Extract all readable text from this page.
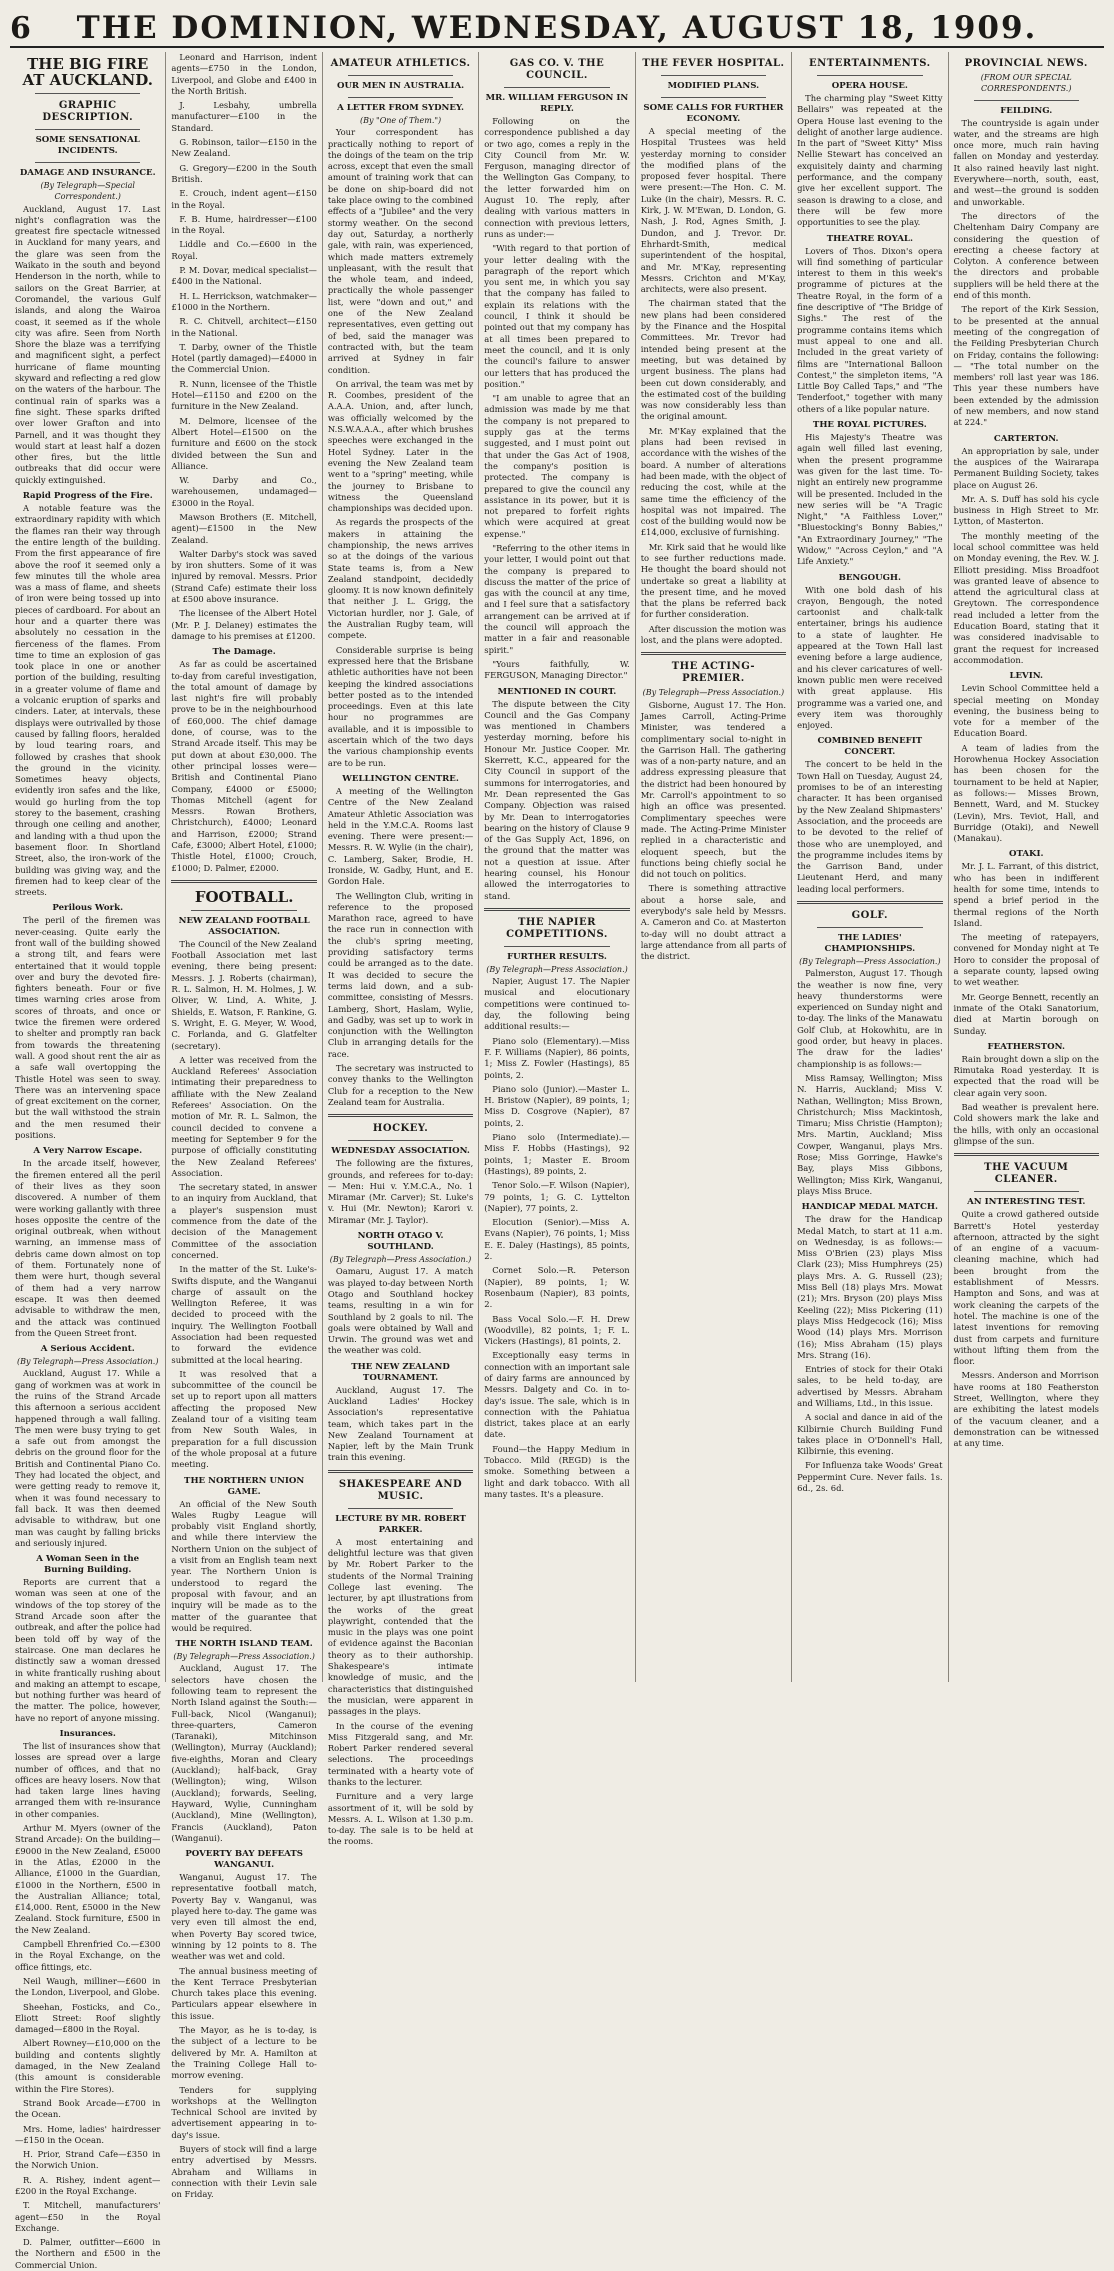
6	THE DOMINION, WEDNESDAY, AUGUST 18, 1909.
THE BIG FIRE AT AUCKLAND.
GRAPHIC DESCRIPTION.
SOME SENSATIONAL INCIDENTS.
DAMAGE AND INSURANCE.
(By Telegraph—Special Correspondent.)

Auckland, August 17. Last night's conflagration was the greatest fire spectacle witnessed in Auckland for many years, and the glare was seen from the Waikato in the south and beyond Henderson in the north, while to sailors on the Great Barrier, at Coromandel, the various Gulf islands, and along the Wairoa coast, it seemed as if the whole city was afire. Seen from North Shore the blaze was a terrifying and magnificent sight, a perfect hurricane of flame mounting skyward and reflecting a red glow on the waters of the harbour. The continual rain of sparks was a fine sight. These sparks drifted over lower Grafton and into Parnell, and it was thought they would start at least half a dozen other fires, but the little outbreaks that did occur were quickly extinguished.

Rapid Progress of the Fire.

A notable feature was the extraordinary rapidity with which the flames ran their way through the entire length of the building. From the first appearance of fire above the roof it seemed only a few minutes till the whole area was a mass of flame, and sheets of iron were being tossed up into pieces of cardboard. For about an hour and a quarter there was absolutely no cessation in the fierceness of the flames. From time to time an explosion of gas took place in one or another portion of the building, resulting in a greater volume of flame and a volcanic eruption of sparks and cinders. Later, at intervals, these displays were outrivalled by those caused by falling floors, heralded by loud tearing roars, and followed by crashes that shook the ground in the vicinity. Sometimes heavy objects, evidently iron safes and the like, would go hurling from the top storey to the basement, crashing through one ceiling and another, and landing with a thud upon the basement floor. In Shortland Street, also, the iron-work of the building was giving way, and the firemen had to keep clear of the streets.

Perilous Work.

The peril of the firemen was never-ceasing. Quite early the front wall of the building showed a strong tilt, and fears were entertained that it would topple over and bury the devoted fire-fighters beneath. Four or five times warning cries arose from scores of throats, and once or twice the firemen were ordered to shelter and promptly ran back from towards the threatening wall. A good shout rent the air as a safe wall overtopping the Thistle Hotel was seen to sway. There was an intervening space of great excitement on the corner, but the wall withstood the strain and the men resumed their positions.

A Very Narrow Escape.

In the arcade itself, however, the firemen entered all the peril of their lives as they soon discovered. A number of them were working gallantly with three hoses opposite the centre of the original outbreak, when without warning, an immense mass of debris came down almost on top of them. Fortunately none of them were hurt, though several of them had a very narrow escape. It was then deemed advisable to withdraw the men, and the attack was continued from the Queen Street front.

A Serious Accident.
(By Telegraph—Press Association.)

Auckland, August 17. While a gang of workmen was at work in the ruins of the Strand Arcade this afternoon a serious accident happened through a wall falling. The men were busy trying to get a safe out from amongst the debris on the ground floor for the British and Continental Piano Co. They had located the object, and were getting ready to remove it, when it was found necessary to fall back. It was then deemed advisable to withdraw, but one man was caught by falling bricks and seriously injured.

A Woman Seen in the Burning Building.

Reports are current that a woman was seen at one of the windows of the top storey of the Strand Arcade soon after the outbreak, and after the police had been told off by way of the staircase. One man declares he distinctly saw a woman dressed in white frantically rushing about and making an attempt to escape, but nothing further was heard of the matter. The police, however, have no report of anyone missing.

Insurances.

The list of insurances show that losses are spread over a large number of offices, and that no offices are heavy losers. Now that had taken large lines having arranged them with re-insurance in other companies.

Arthur M. Myers (owner of the Strand Arcade): On the building—£9000 in the New Zealand, £5000 in the Atlas, £2000 in the Alliance, £1000 in the Guardian, £1000 in the Northern, £500 in the Australian Alliance; total, £14,000. Rent, £5000 in the New Zealand. Stock furniture, £500 in the New Zealand.

Campbell Ehrenfried Co.—£300 in the Royal Exchange, on the office fittings, etc.

Neil Waugh, milliner—£600 in the London, Liverpool, and Globe.

Sheehan, Fosticks, and Co., Eliott Street: Roof slightly damaged—£800 in the Royal.

Albert Rowney—£10,000 on the building and contents slightly damaged, in the New Zealand (this amount is considerable within the Fire Stores).

Strand Book Arcade—£700 in the Ocean.

Mrs. Home, ladies' hairdresser—£150 in the Ocean.

H. Prior, Strand Cafe—£350 in the Norwich Union.

R. A. Rishey, indent agent—£200 in the Royal Exchange.

T. Mitchell, manufacturers' agent—£50 in the Royal Exchange.

D. Palmer, outfitter—£600 in the Northern and £500 in the Commercial Union.

Leonard and Harrison, indent agents—£750 in the London, Liverpool, and Globe and £400 in the North British.

J. Lesbahy, umbrella manufacturer—£100 in the Standard.

G. Robinson, tailor—£150 in the New Zealand.

G. Gregory—£200 in the South British.

E. Crouch, indent agent—£150 in the Royal.

F. B. Hume, hairdresser—£100 in the Royal.

Liddle and Co.—£600 in the Royal.

P. M. Dovar, medical specialist—£400 in the National.

H. L. Herrickson, watchmaker—£1000 in the Northern.

R. C. Chitvell, architect—£150 in the National.

T. Darby, owner of the Thistle Hotel (partly damaged)—£4000 in the Commercial Union.

R. Nunn, licensee of the Thistle Hotel—£1150 and £200 on the furniture in the New Zealand.

M. Delmore, licensee of the Albert Hotel—£1500 on the furniture and £600 on the stock divided between the Sun and Alliance.

W. Darby and Co., warehousemen, undamaged—£3000 in the Royal.

Mawson Brothers (E. Mitchell, agent)—£1500 in the New Zealand.

Walter Darby's stock was saved by iron shutters. Some of it was injured by removal. Messrs. Prior (Strand Cafe) estimate their loss at £500 above insurance.

The licensee of the Albert Hotel (Mr. P. J. Delaney) estimates the damage to his premises at £1200.

The Damage.

As far as could be ascertained to-day from careful investigation, the total amount of damage by last night's fire will probably prove to be in the neighbourhood of £60,000. The chief damage done, of course, was to the Strand Arcade itself. This may be put down at about £30,000. The other principal losses were—British and Continental Piano Company, £4000 or £5000; Thomas Mitchell (agent for Messrs. Rowan Brothers, Christchurch), £4000; Leonard and Harrison, £2000; Strand Cafe, £3000; Albert Hotel, £1000; Thistle Hotel, £1000; Crouch, £1000; D. Palmer, £2000.

FOOTBALL.
NEW ZEALAND FOOTBALL ASSOCIATION.

The Council of the New Zealand Football Association met last evening, there being present: Messrs. J. J. Roberts (chairman), R. L. Salmon, H. M. Holmes, J. W. Oliver, W. Lind, A. White, J. Shields, E. Watson, F. Rankine, G. S. Wright, E. G. Meyer, W. Wood, C. Forlanda, and G. Glatfelter (secretary).

A letter was received from the Auckland Referees' Association intimating their preparedness to affiliate with the New Zealand Referees' Association. On the motion of Mr. R. L. Salmon, the council decided to convene a meeting for September 9 for the purpose of officially constituting the New Zealand Referees' Association.

The secretary stated, in answer to an inquiry from Auckland, that a player's suspension must commence from the date of the decision of the Management Committee of the association concerned.

In the matter of the St. Luke's-Swifts dispute, and the Wanganui charge of assault on the Wellington Referee, it was decided to proceed with the inquiry. The Wellington Football Association had been requested to forward the evidence submitted at the local hearing.

It was resolved that a subcommittee of the council be set up to report upon all matters affecting the proposed New Zealand tour of a visiting team from New South Wales, in preparation for a full discussion of the whole proposal at a future meeting.

THE NORTHERN UNION GAME.

An official of the New South Wales Rugby League will probably visit England shortly, and while there interview the Northern Union on the subject of a visit from an English team next year. The Northern Union is understood to regard the proposal with favour, and an inquiry will be made as to the matter of the guarantee that would be required.

THE NORTH ISLAND TEAM.
(By Telegraph—Press Association.)

Auckland, August 17. The selectors have chosen the following team to represent the North Island against the South:—Full-back, Nicol (Wanganui); three-quarters, Cameron (Taranaki), Mitchinson (Wellington), Murray (Auckland); five-eighths, Moran and Cleary (Auckland); half-back, Gray (Wellington); wing, Wilson (Auckland); forwards, Seeling, Hayward, Wylie, Cunningham (Auckland), Mine (Wellington), Francis (Auckland), Paton (Wanganui).

POVERTY BAY DEFEATS WANGANUI.

Wanganui, August 17. The representative football match, Poverty Bay v. Wanganui, was played here to-day. The game was very even till almost the end, when Poverty Bay scored twice, winning by 12 points to 8. The weather was wet and cold.

The annual business meeting of the Kent Terrace Presbyterian Church takes place this evening. Particulars appear elsewhere in this issue.

The Mayor, as he is to-day, is the subject of a lecture to be delivered by Mr. A. Hamilton at the Training College Hall to-morrow evening.

Tenders for supplying workshops at the Wellington Technical School are invited by advertisement appearing in to-day's issue.

Buyers of stock will find a large entry advertised by Messrs. Abraham and Williams in connection with their Levin sale on Friday.

AMATEUR ATHLETICS.
OUR MEN IN AUSTRALIA.
A LETTER FROM SYDNEY.
(By "One of Them.")

Your correspondent has practically nothing to report of the doings of the team on the trip across, except that even the small amount of training work that can be done on ship-board did not take place owing to the combined effects of a "Jubilee" and the very stormy weather. On the second day out, Saturday, a northerly gale, with rain, was experienced, which made matters extremely unpleasant, with the result that the whole team, and indeed, practically the whole passenger list, were "down and out," and one of the New Zealand representatives, even getting out of bed, said the manager was contracted with, but the team arrived at Sydney in fair condition.

On arrival, the team was met by R. Coombes, president of the A.A.A. Union, and, after lunch, was officially welcomed by the N.S.W.A.A.A., after which brushes speeches were exchanged in the Hotel Sydney. Later in the evening the New Zealand team went to a "spring" meeting, while the journey to Brisbane to witness the Queensland championships was decided upon.

As regards the prospects of the makers in attaining the championship, the news arrives so at the doings of the various State teams is, from a New Zealand standpoint, decidedly gloomy. It is now known definitely that neither J. L. Grigg, the Victorian hurdler, nor J. Gale, of the Australian Rugby team, will compete.

Considerable surprise is being expressed here that the Brisbane athletic authorities have not been keeping the kindred associations better posted as to the intended proceedings. Even at this late hour no programmes are available, and it is impossible to ascertain which of the two days the various championship events are to be run.

WELLINGTON CENTRE.

A meeting of the Wellington Centre of the New Zealand Amateur Athletic Association was held in the Y.M.C.A. Rooms last evening. There were present:—Messrs. R. W. Wylie (in the chair), C. Lamberg, Saker, Brodie, H. Ironside, W. Gadby, Hunt, and E. Gordon Hale.

The Wellington Club, writing in reference to the proposed Marathon race, agreed to have the race run in connection with the club's spring meeting, providing satisfactory terms could be arranged as to the date. It was decided to secure the terms laid down, and a sub-committee, consisting of Messrs. Lamberg, Short, Haslam, Wylie, and Gadby, was set up to work in conjunction with the Wellington Club in arranging details for the race.

The secretary was instructed to convey thanks to the Wellington Club for a reception to the New Zealand team for Australia.

HOCKEY.
WEDNESDAY ASSOCIATION.

The following are the fixtures, grounds, and referees for to-day:— Men: Hui v. Y.M.C.A., No. 1 Miramar (Mr. Carver); St. Luke's v. Hui (Mr. Newton); Karori v. Miramar (Mr. J. Taylor).

NORTH OTAGO V. SOUTHLAND.
(By Telegraph—Press Association.)

Oamaru, August 17. A match was played to-day between North Otago and Southland hockey teams, resulting in a win for Southland by 2 goals to nil. The goals were obtained by Wall and Urwin. The ground was wet and the weather was cold.

THE NEW ZEALAND TOURNAMENT.

Auckland, August 17. The Auckland Ladies' Hockey Association's representative team, which takes part in the New Zealand Tournament at Napier, left by the Main Trunk train this evening.

SHAKESPEARE AND MUSIC.
LECTURE BY MR. ROBERT PARKER.

A most entertaining and delightful lecture was that given by Mr. Robert Parker to the students of the Normal Training College last evening. The lecturer, by apt illustrations from the works of the great playwright, contended that the music in the plays was one point of evidence against the Baconian theory as to their authorship. Shakespeare's intimate knowledge of music, and the characteristics that distinguished the musician, were apparent in passages in the plays.

In the course of the evening Miss Fitzgerald sang, and Mr. Robert Parker rendered several selections. The proceedings terminated with a hearty vote of thanks to the lecturer.

Furniture and a very large assortment of it, will be sold by Messrs. A. L. Wilson at 1.30 p.m. to-day. The sale is to be held at the rooms.

GAS CO. V. THE COUNCIL.
MR. WILLIAM FERGUSON IN REPLY.

Following on the correspondence published a day or two ago, comes a reply in the City Council from Mr. W. Ferguson, managing director of the Wellington Gas Company, to the letter forwarded him on August 10. The reply, after dealing with various matters in connection with previous letters, runs as under:—

"With regard to that portion of your letter dealing with the paragraph of the report which you sent me, in which you say that the company has failed to explain its relations with the council, I think it should be pointed out that my company has at all times been prepared to meet the council, and it is only the council's failure to answer our letters that has produced the position."

"I am unable to agree that an admission was made by me that the company is not prepared to supply gas at the terms suggested, and I must point out that under the Gas Act of 1908, the company's position is protected. The company is prepared to give the council any assistance in its power, but it is not prepared to forfeit rights which were acquired at great expense."

"Referring to the other items in your letter, I would point out that the company is prepared to discuss the matter of the price of gas with the council at any time, and I feel sure that a satisfactory arrangement can be arrived at if the council will approach the matter in a fair and reasonable spirit."

"Yours faithfully, W. FERGUSON, Managing Director."

MENTIONED IN COURT.

The dispute between the City Council and the Gas Company was mentioned in Chambers yesterday morning, before his Honour Mr. Justice Cooper. Mr. Skerrett, K.C., appeared for the City Council in support of the summons for interrogatories, and Mr. Dean represented the Gas Company. Objection was raised by Mr. Dean to interrogatories bearing on the history of Clause 9 of the Gas Supply Act, 1896, on the ground that the matter was not a question at issue. After hearing counsel, his Honour allowed the interrogatories to stand.

THE NAPIER COMPETITIONS.
FURTHER RESULTS.
(By Telegraph—Press Association.)

Napier, August 17. The Napier musical and elocutionary competitions were continued to-day, the following being additional results:—

Piano solo (Elementary).—Miss F. F. Williams (Napier), 86 points, 1; Miss Z. Fowler (Hastings), 85 points, 2.

Piano solo (Junior).—Master L. H. Bristow (Napier), 89 points, 1; Miss D. Cosgrove (Napier), 87 points, 2.

Piano solo (Intermediate).—Miss F. Hobbs (Hastings), 92 points, 1; Master E. Broom (Hastings), 89 points, 2.

Tenor Solo.—F. Wilson (Napier), 79 points, 1; G. C. Lyttelton (Napier), 77 points, 2.

Elocution (Senior).—Miss A. Evans (Napier), 76 points, 1; Miss E. E. Daley (Hastings), 85 points, 2.

Cornet Solo.—R. Peterson (Napier), 89 points, 1; W. Rosenbaum (Napier), 83 points, 2.

Bass Vocal Solo.—F. H. Drew (Woodville), 82 points, 1; F. L. Vickers (Hastings), 81 points, 2.

Exceptionally easy terms in connection with an important sale of dairy farms are announced by Messrs. Dalgety and Co. in to-day's issue. The sale, which is in connection with the Pahiatua district, takes place at an early date.

Found—the Happy Medium in Tobacco. Mild (REGD) is the smoke. Something between a light and dark tobacco. With all many tastes. It's a pleasure.

THE FEVER HOSPITAL.
MODIFIED PLANS.
SOME CALLS FOR FURTHER ECONOMY.

A special meeting of the Hospital Trustees was held yesterday morning to consider the modified plans of the proposed fever hospital. There were present:—The Hon. C. M. Luke (in the chair), Messrs. R. C. Kirk, J. W. M'Ewan, D. London, G. Nash, J. Rod, Agnes Smith, J. Dundon, and J. Trevor. Dr. Ehrhardt-Smith, medical superintendent of the hospital, and Mr. M'Kay, representing Messrs. Crichton and M'Kay, architects, were also present.

The chairman stated that the new plans had been considered by the Finance and the Hospital Committees. Mr. Trevor had intended being present at the meeting, but was detained by urgent business. The plans had been cut down considerably, and the estimated cost of the building was now considerably less than the original amount.

Mr. M'Kay explained that the plans had been revised in accordance with the wishes of the board. A number of alterations had been made, with the object of reducing the cost, while at the same time the efficiency of the hospital was not impaired. The cost of the building would now be £14,000, exclusive of furnishing.

Mr. Kirk said that he would like to see further reductions made. He thought the board should not undertake so great a liability at the present time, and he moved that the plans be referred back for further consideration.

After discussion the motion was lost, and the plans were adopted.

THE ACTING-PREMIER.
(By Telegraph—Press Association.)

Gisborne, August 17. The Hon. James Carroll, Acting-Prime Minister, was tendered a complimentary social to-night in the Garrison Hall. The gathering was of a non-party nature, and an address expressing pleasure that the district had been honoured by Mr. Carroll's appointment to so high an office was presented. Complimentary speeches were made. The Acting-Prime Minister replied in a characteristic and eloquent speech, but the functions being chiefly social he did not touch on politics.

There is something attractive about a horse sale, and everybody's sale held by Messrs. A. Cameron and Co. at Masterton to-day will no doubt attract a large attendance from all parts of the district.

ENTERTAINMENTS.
OPERA HOUSE.

The charming play "Sweet Kitty Bellairs" was repeated at the Opera House last evening to the delight of another large audience. In the part of "Sweet Kitty" Miss Nellie Stewart has conceived an exquisitely dainty and charming performance, and the company give her excellent support. The season is drawing to a close, and there will be few more opportunities to see the play.

THEATRE ROYAL.

Lovers of Thos. Dixon's opera will find something of particular interest to them in this week's programme of pictures at the Theatre Royal, in the form of a fine descriptive of "The Bridge of Sighs." The rest of the programme contains items which must appeal to one and all. Included in the great variety of films are "International Balloon Contest," the simpleton items, "A Little Boy Called Taps," and "The Tenderfoot," together with many others of a like popular nature.

THE ROYAL PICTURES.

His Majesty's Theatre was again well filled last evening, when the present programme was given for the last time. To-night an entirely new programme will be presented. Included in the new series will be "A Tragic Night," "A Faithless Lover," "Bluestocking's Bonny Babies," "An Extraordinary Journey," "The Widow," "Across Ceylon," and "A Life Anxiety."

BENGOUGH.

With one bold dash of his crayon, Bengough, the noted cartoonist and chalk-talk entertainer, brings his audience to a state of laughter. He appeared at the Town Hall last evening before a large audience, and his clever caricatures of well-known public men were received with great applause. His programme was a varied one, and every item was thoroughly enjoyed.

COMBINED BENEFIT CONCERT.

The concert to be held in the Town Hall on Tuesday, August 24, promises to be of an interesting character. It has been organised by the New Zealand Shipmasters' Association, and the proceeds are to be devoted to the relief of those who are unemployed, and the programme includes items by the Garrison Band, under Lieutenant Herd, and many leading local performers.

GOLF.
THE LADIES' CHAMPIONSHIPS.
(By Telegraph—Press Association.)

Palmerston, August 17. Though the weather is now fine, very heavy thunderstorms were experienced on Sunday night and to-day. The links of the Manawatu Golf Club, at Hokowhitu, are in good order, but heavy in places. The draw for the ladies' championship is as follows:—

Miss Ramsay, Wellington; Miss N. Harris, Auckland; Miss V. Nathan, Wellington; Miss Brown, Christchurch; Miss Mackintosh, Timaru; Miss Christie (Hampton); Mrs. Martin, Auckland; Miss Cowper, Wanganui, plays Mrs. Rose; Miss Gorringe, Hawke's Bay, plays Miss Gibbons, Wellington; Miss Kirk, Wanganui, plays Miss Bruce.

HANDICAP MEDAL MATCH.

The draw for the Handicap Medal Match, to start at 11 a.m. on Wednesday, is as follows:— Miss O'Brien (23) plays Miss Clark (23); Miss Humphreys (25) plays Mrs. A. G. Russell (23); Miss Bell (18) plays Mrs. Mowat (21); Mrs. Bryson (20) plays Miss Keeling (22); Miss Pickering (11) plays Miss Hedgecock (16); Miss Wood (14) plays Mrs. Morrison (16); Miss Abraham (15) plays Mrs. Strang (16).

Entries of stock for their Otaki sales, to be held to-day, are advertised by Messrs. Abraham and Williams, Ltd., in this issue.

A social and dance in aid of the Kilbirnie Church Building Fund takes place in O'Donnell's Hall, Kilbirnie, this evening.

For Influenza take Woods' Great Peppermint Cure. Never fails. 1s. 6d., 2s. 6d.

PROVINCIAL NEWS.
(FROM OUR SPECIAL CORRESPONDENTS.)
FEILDING.

The countryside is again under water, and the streams are high once more, much rain having fallen on Monday and yesterday. It also rained heavily last night. Everywhere—north, south, east, and west—the ground is sodden and unworkable.

The directors of the Cheltenham Dairy Company are considering the question of erecting a cheese factory at Colyton. A conference between the directors and probable suppliers will be held there at the end of this month.

The report of the Kirk Session, to be presented at the annual meeting of the congregation of the Feilding Presbyterian Church on Friday, contains the following:— "The total number on the members' roll last year was 186. This year these numbers have been extended by the admission of new members, and now stand at 224."

CARTERTON.

An appropriation by sale, under the auspices of the Wairarapa Permanent Building Society, takes place on August 26.

Mr. A. S. Duff has sold his cycle business in High Street to Mr. Lytton, of Masterton.

The monthly meeting of the local school committee was held on Monday evening, the Rev. W. J. Elliott presiding. Miss Broadfoot was granted leave of absence to attend the agricultural class at Greytown. The correspondence read included a letter from the Education Board, stating that it was considered inadvisable to grant the request for increased accommodation.

LEVIN.

Levin School Committee held a special meeting on Monday evening, the business being to vote for a member of the Education Board.

A team of ladies from the Horowhenua Hockey Association has been chosen for the tournament to be held at Napier, as follows:— Misses Brown, Bennett, Ward, and M. Stuckey (Levin), Mrs. Teviot, Hall, and Burridge (Otaki), and Newell (Manakau).

OTAKI.

Mr. J. L. Farrant, of this district, who has been in indifferent health for some time, intends to spend a brief period in the thermal regions of the North Island.

The meeting of ratepayers, convened for Monday night at Te Horo to consider the proposal of a separate county, lapsed owing to wet weather.

Mr. George Bennett, recently an inmate of the Otaki Sanatorium, died at Martin borough on Sunday.

FEATHERSTON.

Rain brought down a slip on the Rimutaka Road yesterday. It is expected that the road will be clear again very soon.

Bad weather is prevalent here. Cold showers mark the lake and the hills, with only an occasional glimpse of the sun.

THE VACUUM CLEANER.
AN INTERESTING TEST.

Quite a crowd gathered outside Barrett's Hotel yesterday afternoon, attracted by the sight of an engine of a vacuum-cleaning machine, which had been brought from the establishment of Messrs. Hampton and Sons, and was at work cleaning the carpets of the hotel. The machine is one of the latest inventions for removing dust from carpets and furniture without lifting them from the floor.

Messrs. Anderson and Morrison have rooms at 180 Featherston Street, Wellington, where they are exhibiting the latest models of the vacuum cleaner, and a demonstration can be witnessed at any time.
